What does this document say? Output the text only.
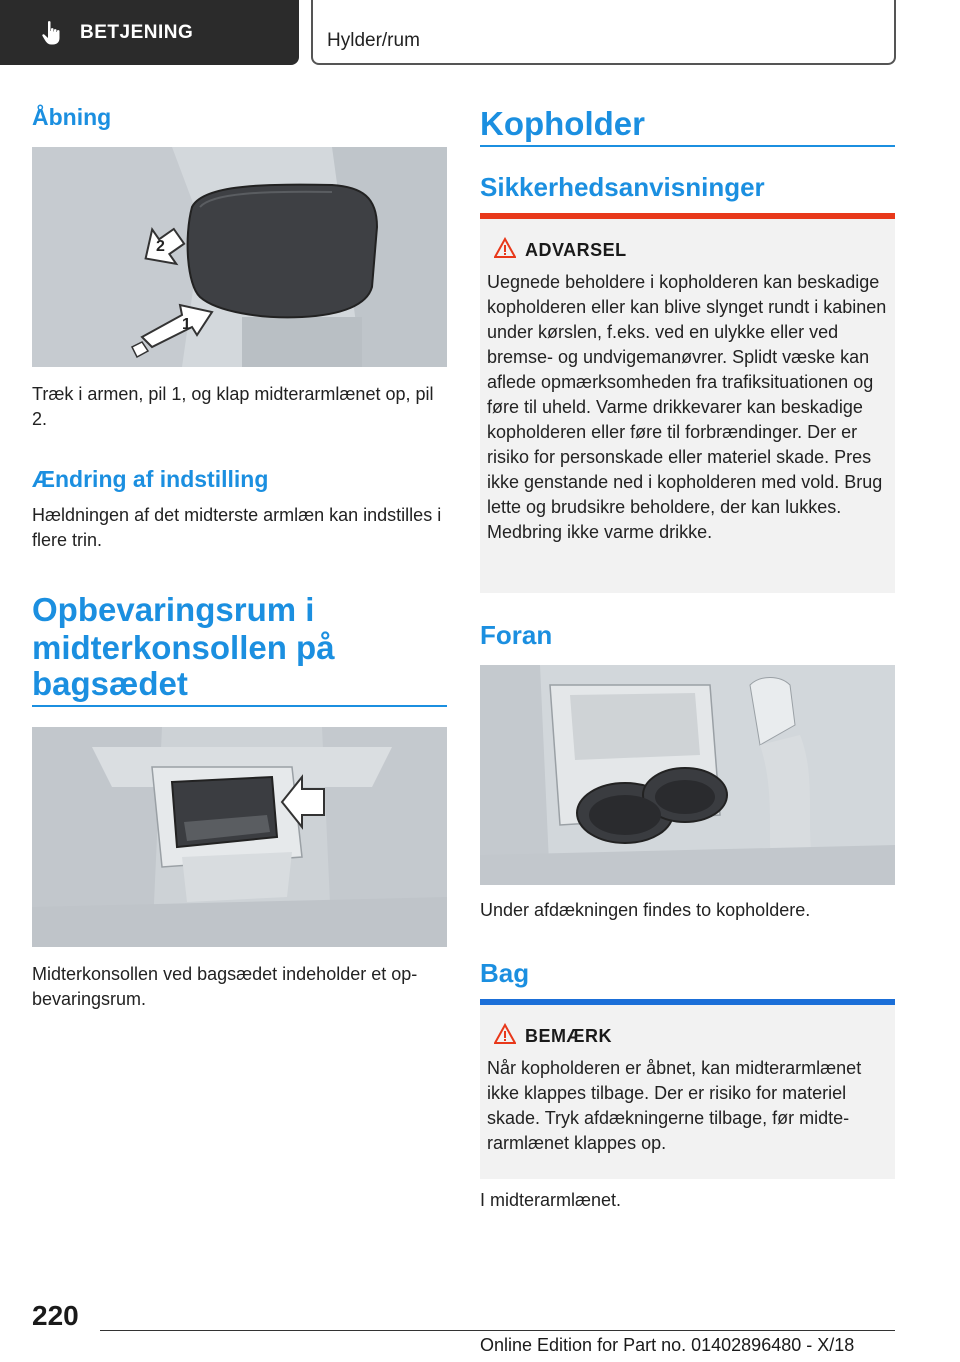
BETJENING	Hylder/rum
Åbning
2
1
Træk i armen, pil 1, og klap midterarmlænet op, pil 2.
Ændring af indstilling
Hældningen af det midterste armlæn kan indstilles i flere trin.
Opbevaringsrum i
midterkonsollen på
bagsædet
Midterkonsollen ved bagsædet indeholder et opbevaringsrum.
Kopholder
Sikkerhedsanvisninger
ADVARSEL
Uegnede beholdere i kopholderen kan beskadige kopholderen eller kan blive slynget rundt i kabinen under kørslen, f.eks. ved en ulykke eller ved bremse- og undvigemanøvrer. Splidt væske kan aflede opmærksomheden fra trafiksituationen og føre til uheld. Varme drikkevarer kan beskadige kopholderen eller føre til forbrændinger. Der er risiko for personskade eller materiel skade. Pres ikke genstande ned i kopholderen med vold. Brug lette og brudsikre beholdere, der kan lukkes. Medbring ikke varme drikke.
Foran
Under afdækningen findes to kopholdere.
Bag
BEMÆRK
Når kopholderen er åbnet, kan midterarmlænet ikke klappes tilbage. Der er risiko for materiel skade. Tryk afdækningerne tilbage, før midterarmlænet klappes op.
I midterarmlænet.
220
Online Edition for Part no. 01402896480 - X/18
